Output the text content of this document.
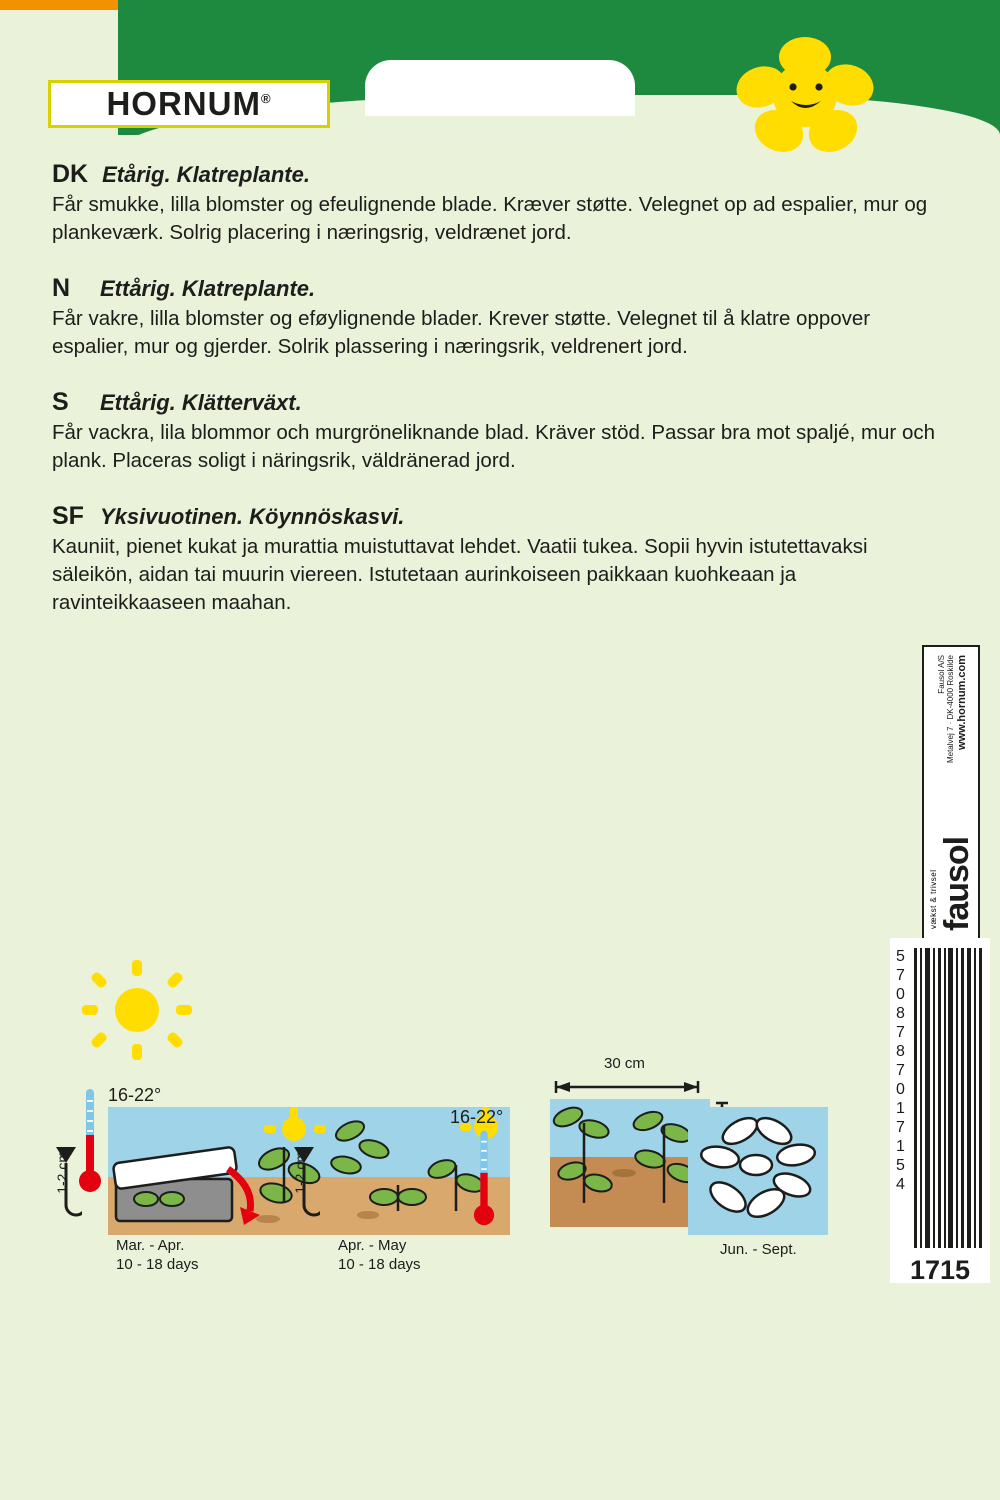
HORNUM®
DK Etårig. Klatreplante.
Får smukke, lilla blomster og efeulignende blade. Kræver støtte. Velegnet op ad espalier, mur og plankeværk. Solrig placering i næringsrig, veldrænet jord.
N	Ettårig. Klatreplante.
Får vakre, lilla blomster og eføylignende blader. Krever støtte. Velegnet til å klatre oppover espalier, mur og gjerder. Solrik plassering i næringsrik, veldrenert jord.
S	Ettårig. Klätterväxt.
Får vackra, lila blommor och murgröneliknande blad. Kräver stöd. Passar bra mot spaljé, mur och plank. Placeras soligt i näringsrik, väldränerad jord.
SF Yksivuotinen. Köynnöskasvi.
Kauniit, pienet kukat ja murattia muistuttavat lehdet. Vaatii tukea. Sopii hyvin istutettavaksi säleikön, aidan tai muurin viereen. Istutetaan aurinkoiseen paikkaan kuohkeaan ja ravinteikkaaseen maahan.
vækst & trivsel fausol
Fausol A/S Metalvej 7 · DK-4000 Roskilde www.hornum.com
5708787017154
1715
1-2 cm
16-22°
Mar. - Apr.
10 - 18 days
1-2 cm
16-22°
Apr. - May
10 - 18 days
30 cm
Jun. - Sept.
